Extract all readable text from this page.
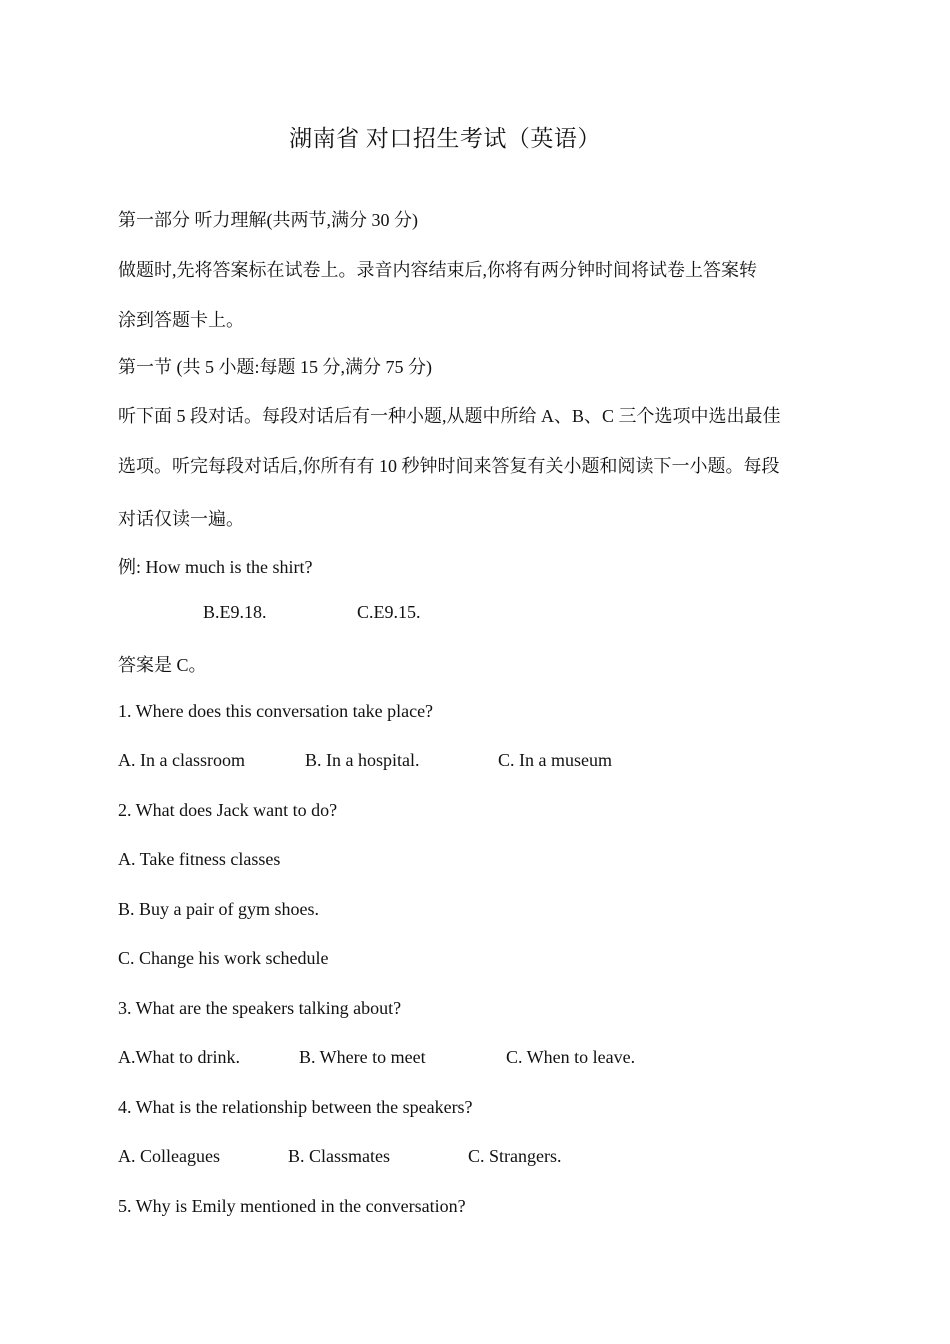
湖南省 对口招生考试（英语）
第一部分 听力理解(共两节,满分 30 分)
做题时,先将答案标在试卷上。录音内容结束后,你将有两分钟时间将试卷上答案转
涂到答题卡上。
第一节 (共 5 小题:每题 15 分,满分 75 分)
听下面 5 段对话。每段对话后有一种小题,从题中所给 A、B、C 三个选项中选出最佳
选项。听完每段对话后,你所有有 10 秒钟时间来答复有关小题和阅读下一小题。每段
对话仅读一遍。
例: How much is the shirt?
B.E9.18.	C.E9.15.
答案是 C。
1. Where does this conversation take place?
A. In a classroom	B. In a hospital.	C. In a museum
2. What does Jack want to do?
A. Take fitness classes
B. Buy a pair of gym shoes.
C. Change his work schedule
3. What are the speakers talking about?
A.What to drink.	B. Where to meet	C. When to leave.
4. What is the relationship between the speakers?
A. Colleagues	B. Classmates	C. Strangers.
5. Why is Emily mentioned in the conversation?
